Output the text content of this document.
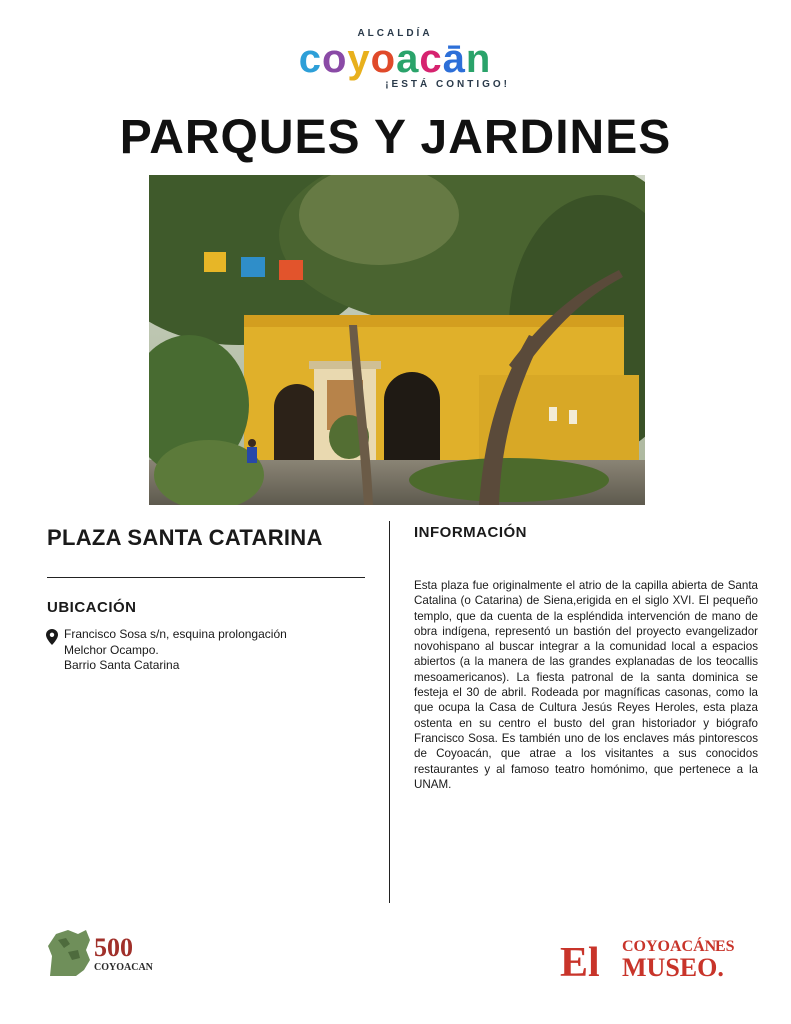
ALCALDÍA
coyoacān
¡ESTÁ CONTIGO!
PARQUES Y JARDINES
PLAZA SANTA CATARINA
UBICACIÓN
Francisco Sosa s/n, esquina prolongación
Melchor Ocampo.
Barrio Santa Catarina
INFORMACIÓN
Esta plaza fue originalmente el atrio de la capilla abierta de Santa Catalina (o Catarina) de Siena,erigida en el siglo XVI. El pequeño templo, que da cuenta de la espléndida intervención de mano de obra indígena, representó un bastión del proyecto evangelizador novohispano al buscar integrar a la comunidad local a espacios abiertos (a la manera de las grandes explanadas de los teocallis mesoamericanos). La fiesta patronal de la santa dominica se festeja el 30 de abril. Rodeada por magníficas casonas, como la que ocupa la Casa de Cultura Jesús Reyes Heroles, esta plaza ostenta en su centro el busto del gran historiador y biógrafo Francisco Sosa. Es también uno de los enclaves más pintorescos de Coyoacán, que atrae a los visitantes a sus conocidos restaurantes y al famoso teatro homónimo, que pertenece a la UNAM.
500
COYOACAN	El COYOACÁN
ES
MUSEO.
